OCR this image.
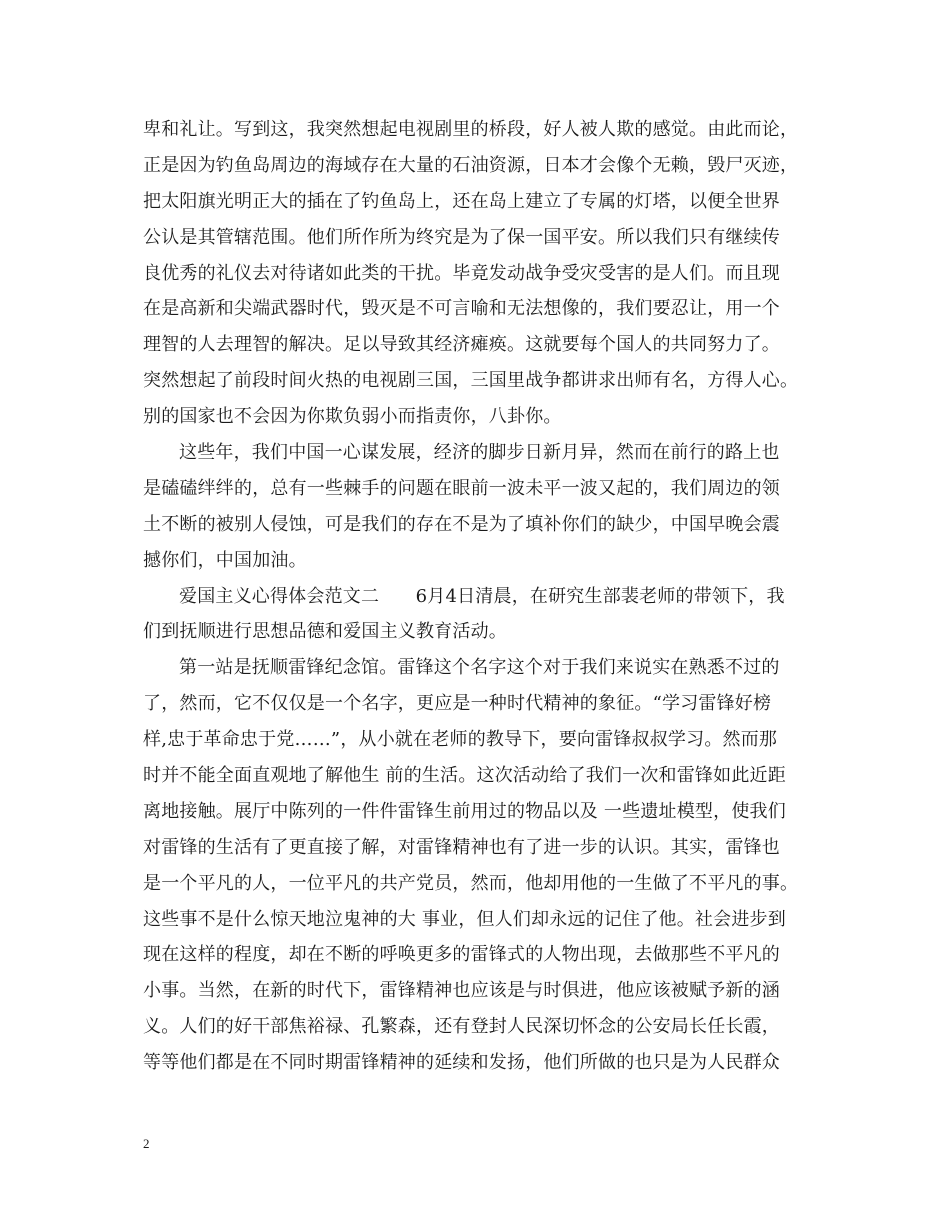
卑和礼让。写到这，我突然想起电视剧里的桥段，好人被人欺的感觉。由此而论，
正是因为钓鱼岛周边的海域存在大量的石油资源，日本才会像个无赖，毁尸灭迹，
把太阳旗光明正大的插在了钓鱼岛上，还在岛上建立了专属的灯塔，以便全世界
公认是其管辖范围。他们所作所为终究是为了保一国平安。所以我们只有继续传
良优秀的礼仪去对待诸如此类的干扰。毕竟发动战争受灾受害的是人们。而且现
在是高新和尖端武器时代，毁灭是不可言喻和无法想像的，我们要忍让，用一个
理智的人去理智的解决。足以导致其经济瘫痪。这就要每个国人的共同努力了。
突然想起了前段时间火热的电视剧三国，三国里战争都讲求出师有名，方得人心。
别的国家也不会因为你欺负弱小而指责你，八卦你。
这些年，我们中国一心谋发展，经济的脚步日新月异，然而在前行的路上也
是磕磕绊绊的，总有一些棘手的问题在眼前一波未平一波又起的，我们周边的领
土不断的被别人侵蚀，可是我们的存在不是为了填补你们的缺少，中国早晚会震
撼你们，中国加油。
爱国主义心得体会范文二　　6月4日清晨，在研究生部裴老师的带领下，我
们到抚顺进行思想品德和爱国主义教育活动。
第一站是抚顺雷锋纪念馆。雷锋这个名字这个对于我们来说实在熟悉不过的
了，然而，它不仅仅是一个名字，更应是一种时代精神的象征。“学习雷锋好榜
样,忠于革命忠于党……”，从小就在老师的教导下，要向雷锋叔叔学习。然而那
时并不能全面直观地了解他生 前的生活。这次活动给了我们一次和雷锋如此近距
离地接触。展厅中陈列的一件件雷锋生前用过的物品以及 一些遗址模型，使我们
对雷锋的生活有了更直接了解，对雷锋精神也有了进一步的认识。其实，雷锋也
是一个平凡的人，一位平凡的共产党员，然而，他却用他的一生做了不平凡的事。
这些事不是什么惊天地泣鬼神的大 事业，但人们却永远的记住了他。社会进步到
现在这样的程度，却在不断的呼唤更多的雷锋式的人物出现，去做那些不平凡的
小事。当然，在新的时代下，雷锋精神也应该是与时俱进，他应该被赋予新的涵
义。人们的好干部焦裕禄、孔繁森，还有登封人民深切怀念的公安局长任长霞，
等等他们都是在不同时期雷锋精神的延续和发扬，他们所做的也只是为人民群众
2
